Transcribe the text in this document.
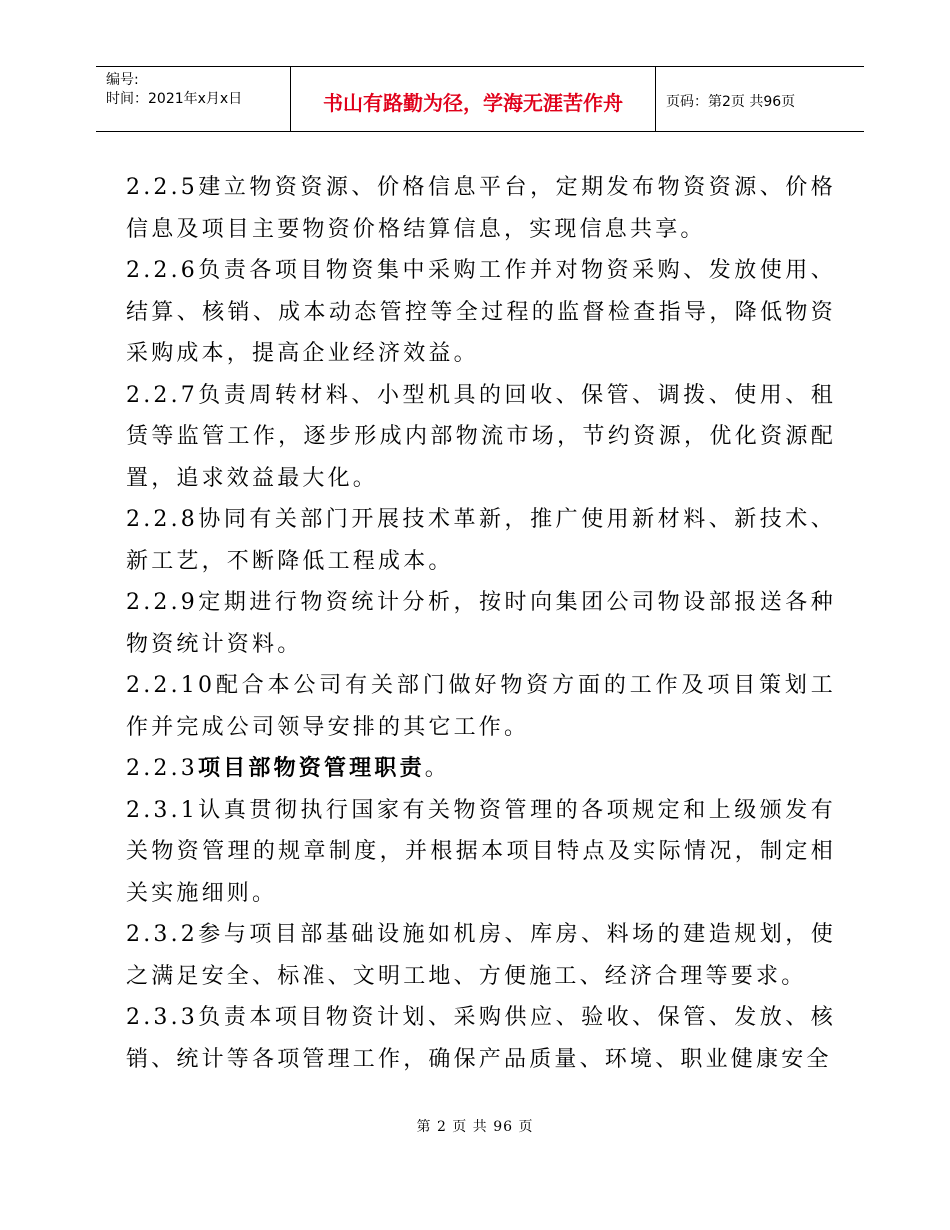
编号:
时间：2021年x月x日	书山有路勤为径，学海无涯苦作舟	页码：第2页 共96页

2.2.5建立物资资源、价格信息平台，定期发布物资资源、价格信息及项目主要物资价格结算信息，实现信息共享。

2.2.6负责各项目物资集中采购工作并对物资采购、发放使用、结算、核销、成本动态管控等全过程的监督检查指导，降低物资采购成本，提高企业经济效益。

2.2.7负责周转材料、小型机具的回收、保管、调拨、使用、租赁等监管工作，逐步形成内部物流市场，节约资源，优化资源配置，追求效益最大化。

2.2.8协同有关部门开展技术革新，推广使用新材料、新技术、新工艺，不断降低工程成本。

2.2.9定期进行物资统计分析，按时向集团公司物设部报送各种物资统计资料。

2.2.10配合本公司有关部门做好物资方面的工作及项目策划工作并完成公司领导安排的其它工作。

2.2.3项目部物资管理职责。

2.3.1认真贯彻执行国家有关物资管理的各项规定和上级颁发有关物资管理的规章制度，并根据本项目特点及实际情况，制定相关实施细则。

2.3.2参与项目部基础设施如机房、库房、料场的建造规划，使之满足安全、标准、文明工地、方便施工、经济合理等要求。

2.3.3负责本项目物资计划、采购供应、验收、保管、发放、核销、统计等各项管理工作，确保产品质量、环境、职业健康安全

第 2 页 共 96 页
